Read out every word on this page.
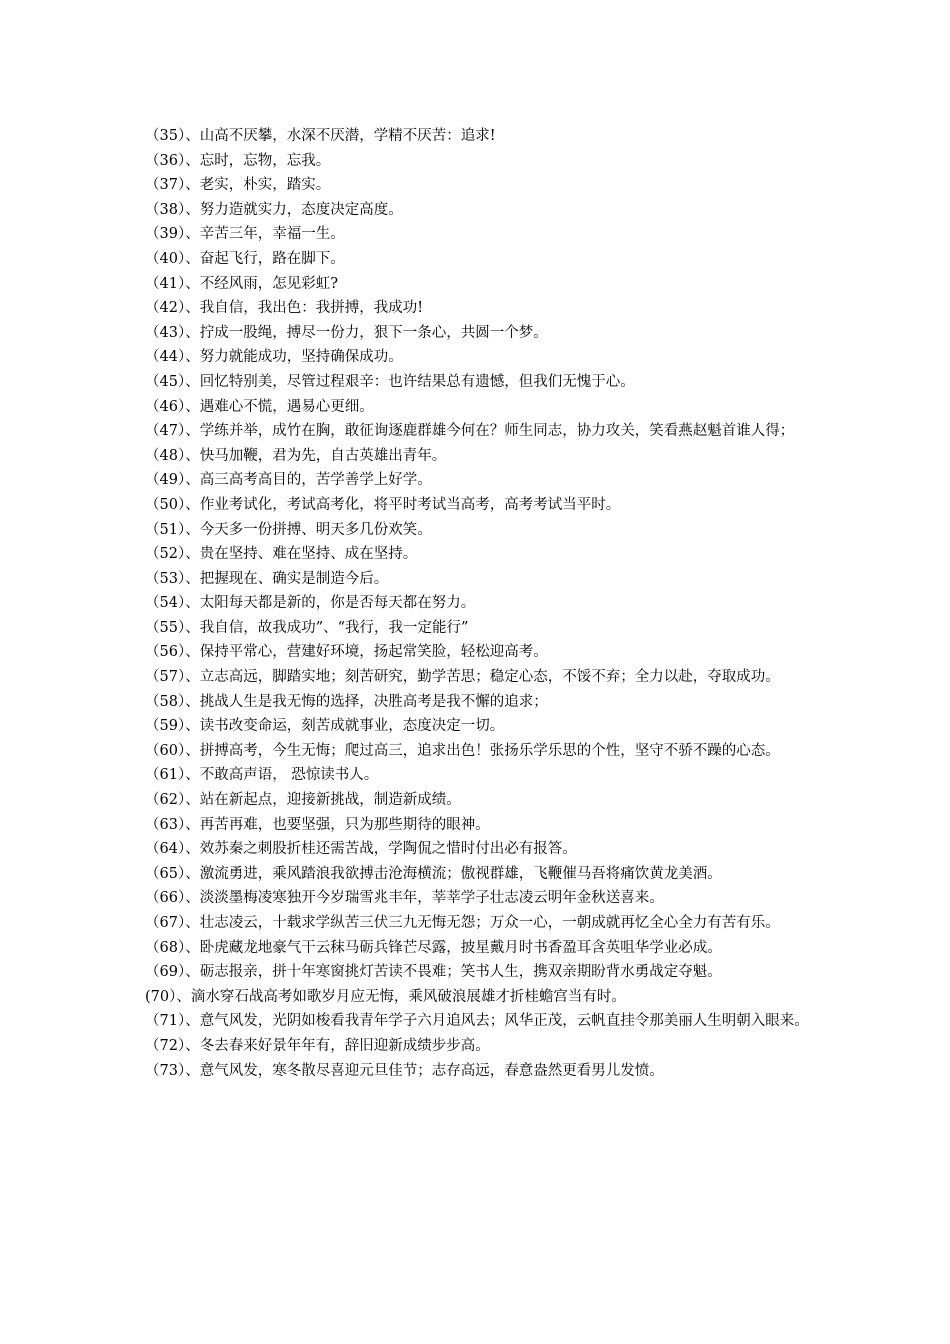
（35）、山高不厌攀，水深不厌潜，学精不厌苦：追求!

（36）、忘时，忘物，忘我。

（37）、老实，朴实，踏实。

（38）、努力造就实力，态度决定高度。

（39）、辛苦三年，幸福一生。

（40）、奋起飞行，路在脚下。

（41）、不经风雨，怎见彩虹?

（42）、我自信，我出色：我拼搏，我成功!

（43）、拧成一股绳，搏尽一份力，狠下一条心，共圆一个梦。

（44）、努力就能成功，坚持确保成功。

（45）、回忆特别美，尽管过程艰辛：也许结果总有遗憾，但我们无愧于心。

（46）、遇难心不慌，遇易心更细。

（47）、学练并举，成竹在胸，敢征询逐鹿群雄今何在？师生同志，协力攻关，笑看燕赵魁首谁人得；

（48）、快马加鞭，君为先，自古英雄出青年。

（49）、高三高考高目的，苦学善学上好学。

（50）、作业考试化，考试高考化，将平时考试当高考，高考考试当平时。

（51）、今天多一份拼搏、明天多几份欢笑。

（52）、贵在坚持、难在坚持、成在坚持。

（53）、把握现在、确实是制造今后。

（54）、太阳每天都是新的，你是否每天都在努力。

（55）、我自信，故我成功”、“我行，我一定能行”

（56）、保持平常心，营建好环境，扬起常笑脸，轻松迎高考。

（57）、立志高远，脚踏实地；刻苦研究，勤学苦思；稳定心态，不馁不弃；全力以赴，夺取成功。

（58）、挑战人生是我无悔的选择，决胜高考是我不懈的追求；

（59）、读书改变命运，刻苦成就事业，态度决定一切。

（60）、拼搏高考，今生无悔；爬过高三，追求出色！张扬乐学乐思的个性，坚守不骄不躁的心态。

（61）、不敢高声语， 恐惊读书人。

（62）、站在新起点，迎接新挑战，制造新成绩。

（63）、再苦再难，也要坚强，只为那些期待的眼神。

（64）、效苏秦之刺股折桂还需苦战，学陶侃之惜时付出必有报答。

（65）、激流勇进，乘风踏浪我欲搏击沧海横流；傲视群雄，飞鞭催马吾将痛饮黄龙美酒。

（66）、淡淡墨梅凌寒独开今岁瑞雪兆丰年，莘莘学子壮志凌云明年金秋送喜来。

（67）、壮志凌云，十载求学纵苦三伏三九无悔无怨；万众一心，一朝成就再忆全心全力有苦有乐。

（68）、卧虎藏龙地豪气干云秣马砺兵锋芒尽露，披星戴月时书香盈耳含英咀华学业必成。

（69）、砺志报亲，拼十年寒窗挑灯苦读不畏难；笑书人生，携双亲期盼背水勇战定夺魁。

(70）、滴水穿石战高考如歌岁月应无悔，乘风破浪展雄才折桂蟾宫当有时。

（71）、意气风发，光阴如梭看我青年学子六月追风去；风华正茂，云帆直挂令那美丽人生明朝入眼来。

（72）、冬去春来好景年年有，辞旧迎新成绩步步高。

（73）、意气风发，寒冬散尽喜迎元旦佳节；志存高远，春意盎然更看男儿发愤。
